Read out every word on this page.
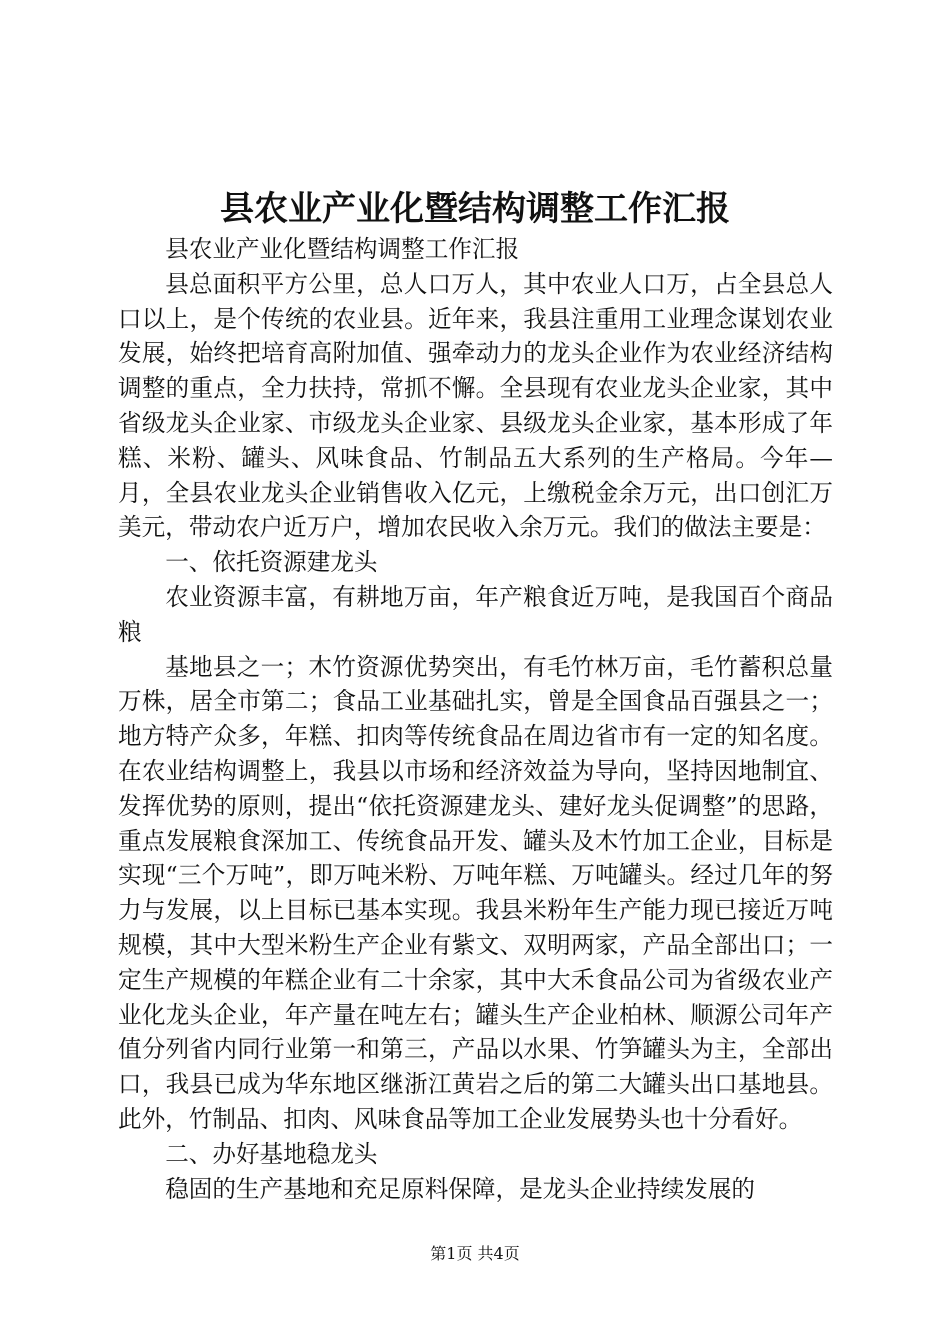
县农业产业化暨结构调整工作汇报

县农业产业化暨结构调整工作汇报

县总面积平方公里，总人口万人，其中农业人口万，占全县总人口以上，是个传统的农业县。近年来，我县注重用工业理念谋划农业发展，始终把培育高附加值、强牵动力的龙头企业作为农业经济结构调整的重点，全力扶持，常抓不懈。全县现有农业龙头企业家，其中省级龙头企业家、市级龙头企业家、县级龙头企业家，基本形成了年糕、米粉、罐头、风味食品、竹制品五大系列的生产格局。今年—月，全县农业龙头企业销售收入亿元，上缴税金余万元，出口创汇万美元，带动农户近万户，增加农民收入余万元。我们的做法主要是：

一、依托资源建龙头

农业资源丰富，有耕地万亩，年产粮食近万吨，是我国百个商品粮

基地县之一；木竹资源优势突出，有毛竹林万亩，毛竹蓄积总量万株，居全市第二；食品工业基础扎实，曾是全国食品百强县之一；地方特产众多，年糕、扣肉等传统食品在周边省市有一定的知名度。在农业结构调整上，我县以市场和经济效益为导向，坚持因地制宜、发挥优势的原则，提出“依托资源建龙头、建好龙头促调整”的思路，重点发展粮食深加工、传统食品开发、罐头及木竹加工企业，目标是实现“三个万吨”，即万吨米粉、万吨年糕、万吨罐头。经过几年的努力与发展，以上目标已基本实现。我县米粉年生产能力现已接近万吨规模，其中大型米粉生产企业有紫文、双明两家，产品全部出口；一定生产规模的年糕企业有二十余家，其中大禾食品公司为省级农业产业化龙头企业，年产量在吨左右；罐头生产企业柏林、顺源公司年产值分列省内同行业第一和第三，产品以水果、竹笋罐头为主，全部出口，我县已成为华东地区继浙江黄岩之后的第二大罐头出口基地县。此外，竹制品、扣肉、风味食品等加工企业发展势头也十分看好。

二、办好基地稳龙头

稳固的生产基地和充足原料保障，是龙头企业持续发展的

第1页 共4页
